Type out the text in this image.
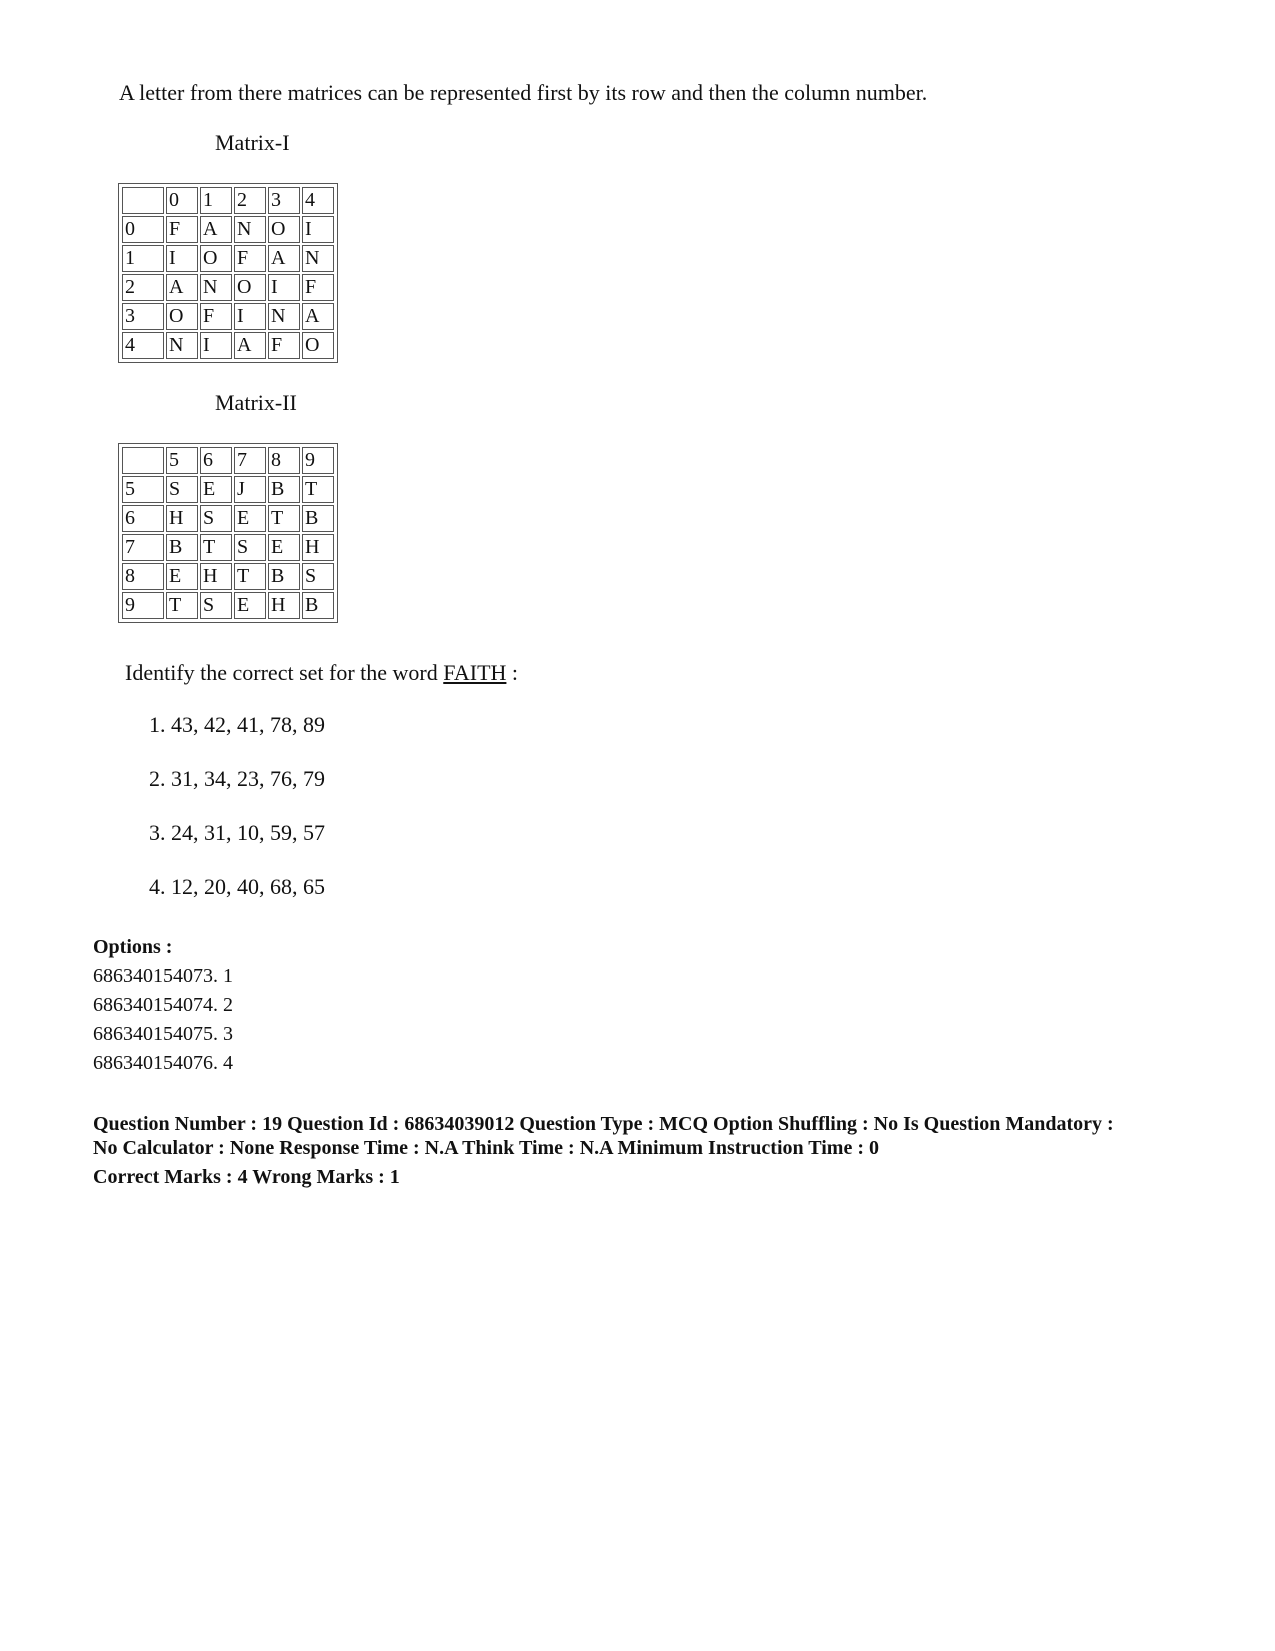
A letter from there matrices can be represented first by its row and then the column number.
Matrix-I
	0	1	2	3	4
0	F	A	N	O	I
1	I	O	F	A	N
2	A	N	O	I	F
3	O	F	I	N	A
4	N	I	A	F	O
Matrix-II
	5	6	7	8	9
5	S	E	J	B	T
6	H	S	E	T	B
7	B	T	S	E	H
8	E	H	T	B	S
9	T	S	E	H	B
Identify the correct set for the word FAITH :
1. 43, 42, 41, 78, 89
2. 31, 34, 23, 76, 79
3. 24, 31, 10, 59, 57
4. 12, 20, 40, 68, 65
Options :
686340154073. 1
686340154074. 2
686340154075. 3
686340154076. 4
Question Number : 19 Question Id : 68634039012 Question Type : MCQ Option Shuffling : No Is Question Mandatory :
No Calculator : None Response Time : N.A Think Time : N.A Minimum Instruction Time : 0
Correct Marks : 4 Wrong Marks : 1
